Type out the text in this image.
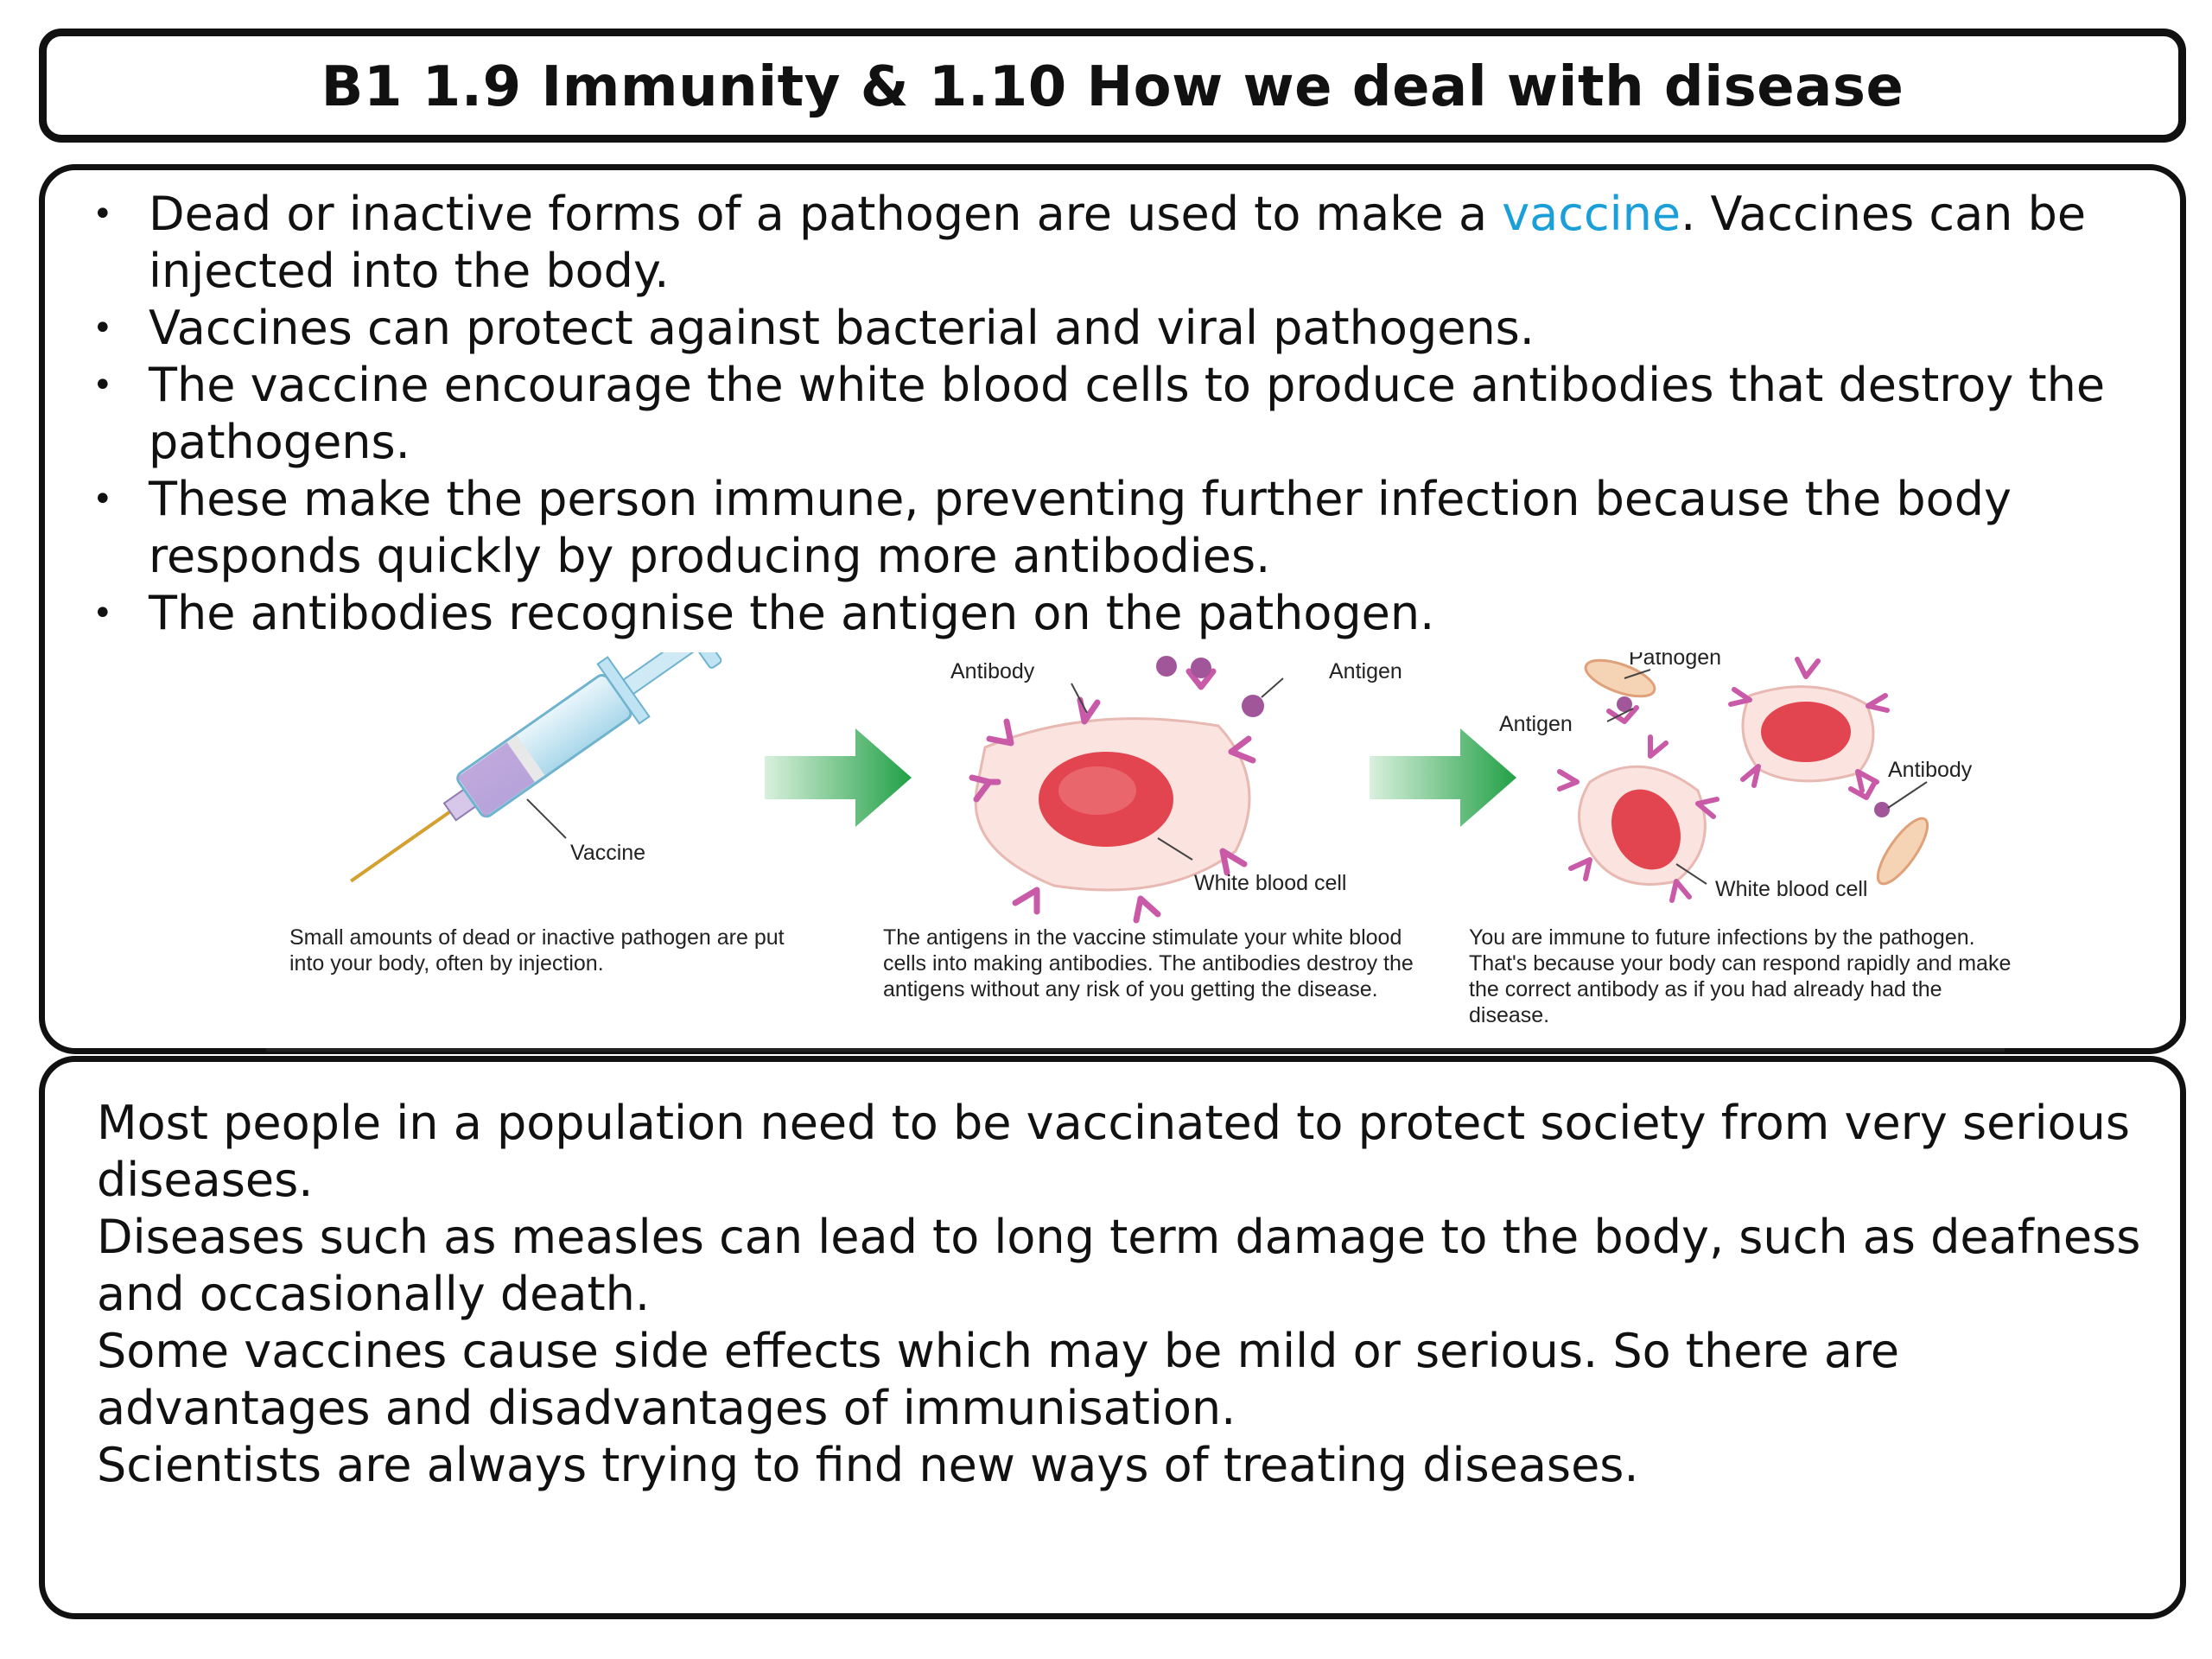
B1 1.9 Immunity & 1.10 How we deal with disease
• Dead or inactive forms of a pathogen are used to make a vaccine. Vaccines can be injected into the body.
• Vaccines can protect against bacterial and viral pathogens.
• The vaccine encourage the white blood cells to produce antibodies that destroy the pathogens.
• These make the person immune, preventing further infection because the body responds quickly by producing more antibodies.
• The antibodies recognise the antigen on the pathogen.
Most people in a population need to be vaccinated to protect society from very serious diseases.
Diseases such as measles can lead to long term damage to the body, such as deafness and occasionally death.
Some vaccines cause side effects which may be mild or serious. So there are advantages and disadvantages of immunisation.
Scientists are always trying to find new ways of treating diseases.
Vaccine
Antibody	Antigen
White blood cell
Pathogen
Antigen
Antibody
White blood cell
Small amounts of dead or inactive pathogen are put into your body, often by injection.
The antigens in the vaccine stimulate your white blood cells into making antibodies. The antibodies destroy the antigens without any risk of you getting the disease.
You are immune to future infections by the pathogen. That's because your body can respond rapidly and make the correct antibody as if you had already had the disease.
